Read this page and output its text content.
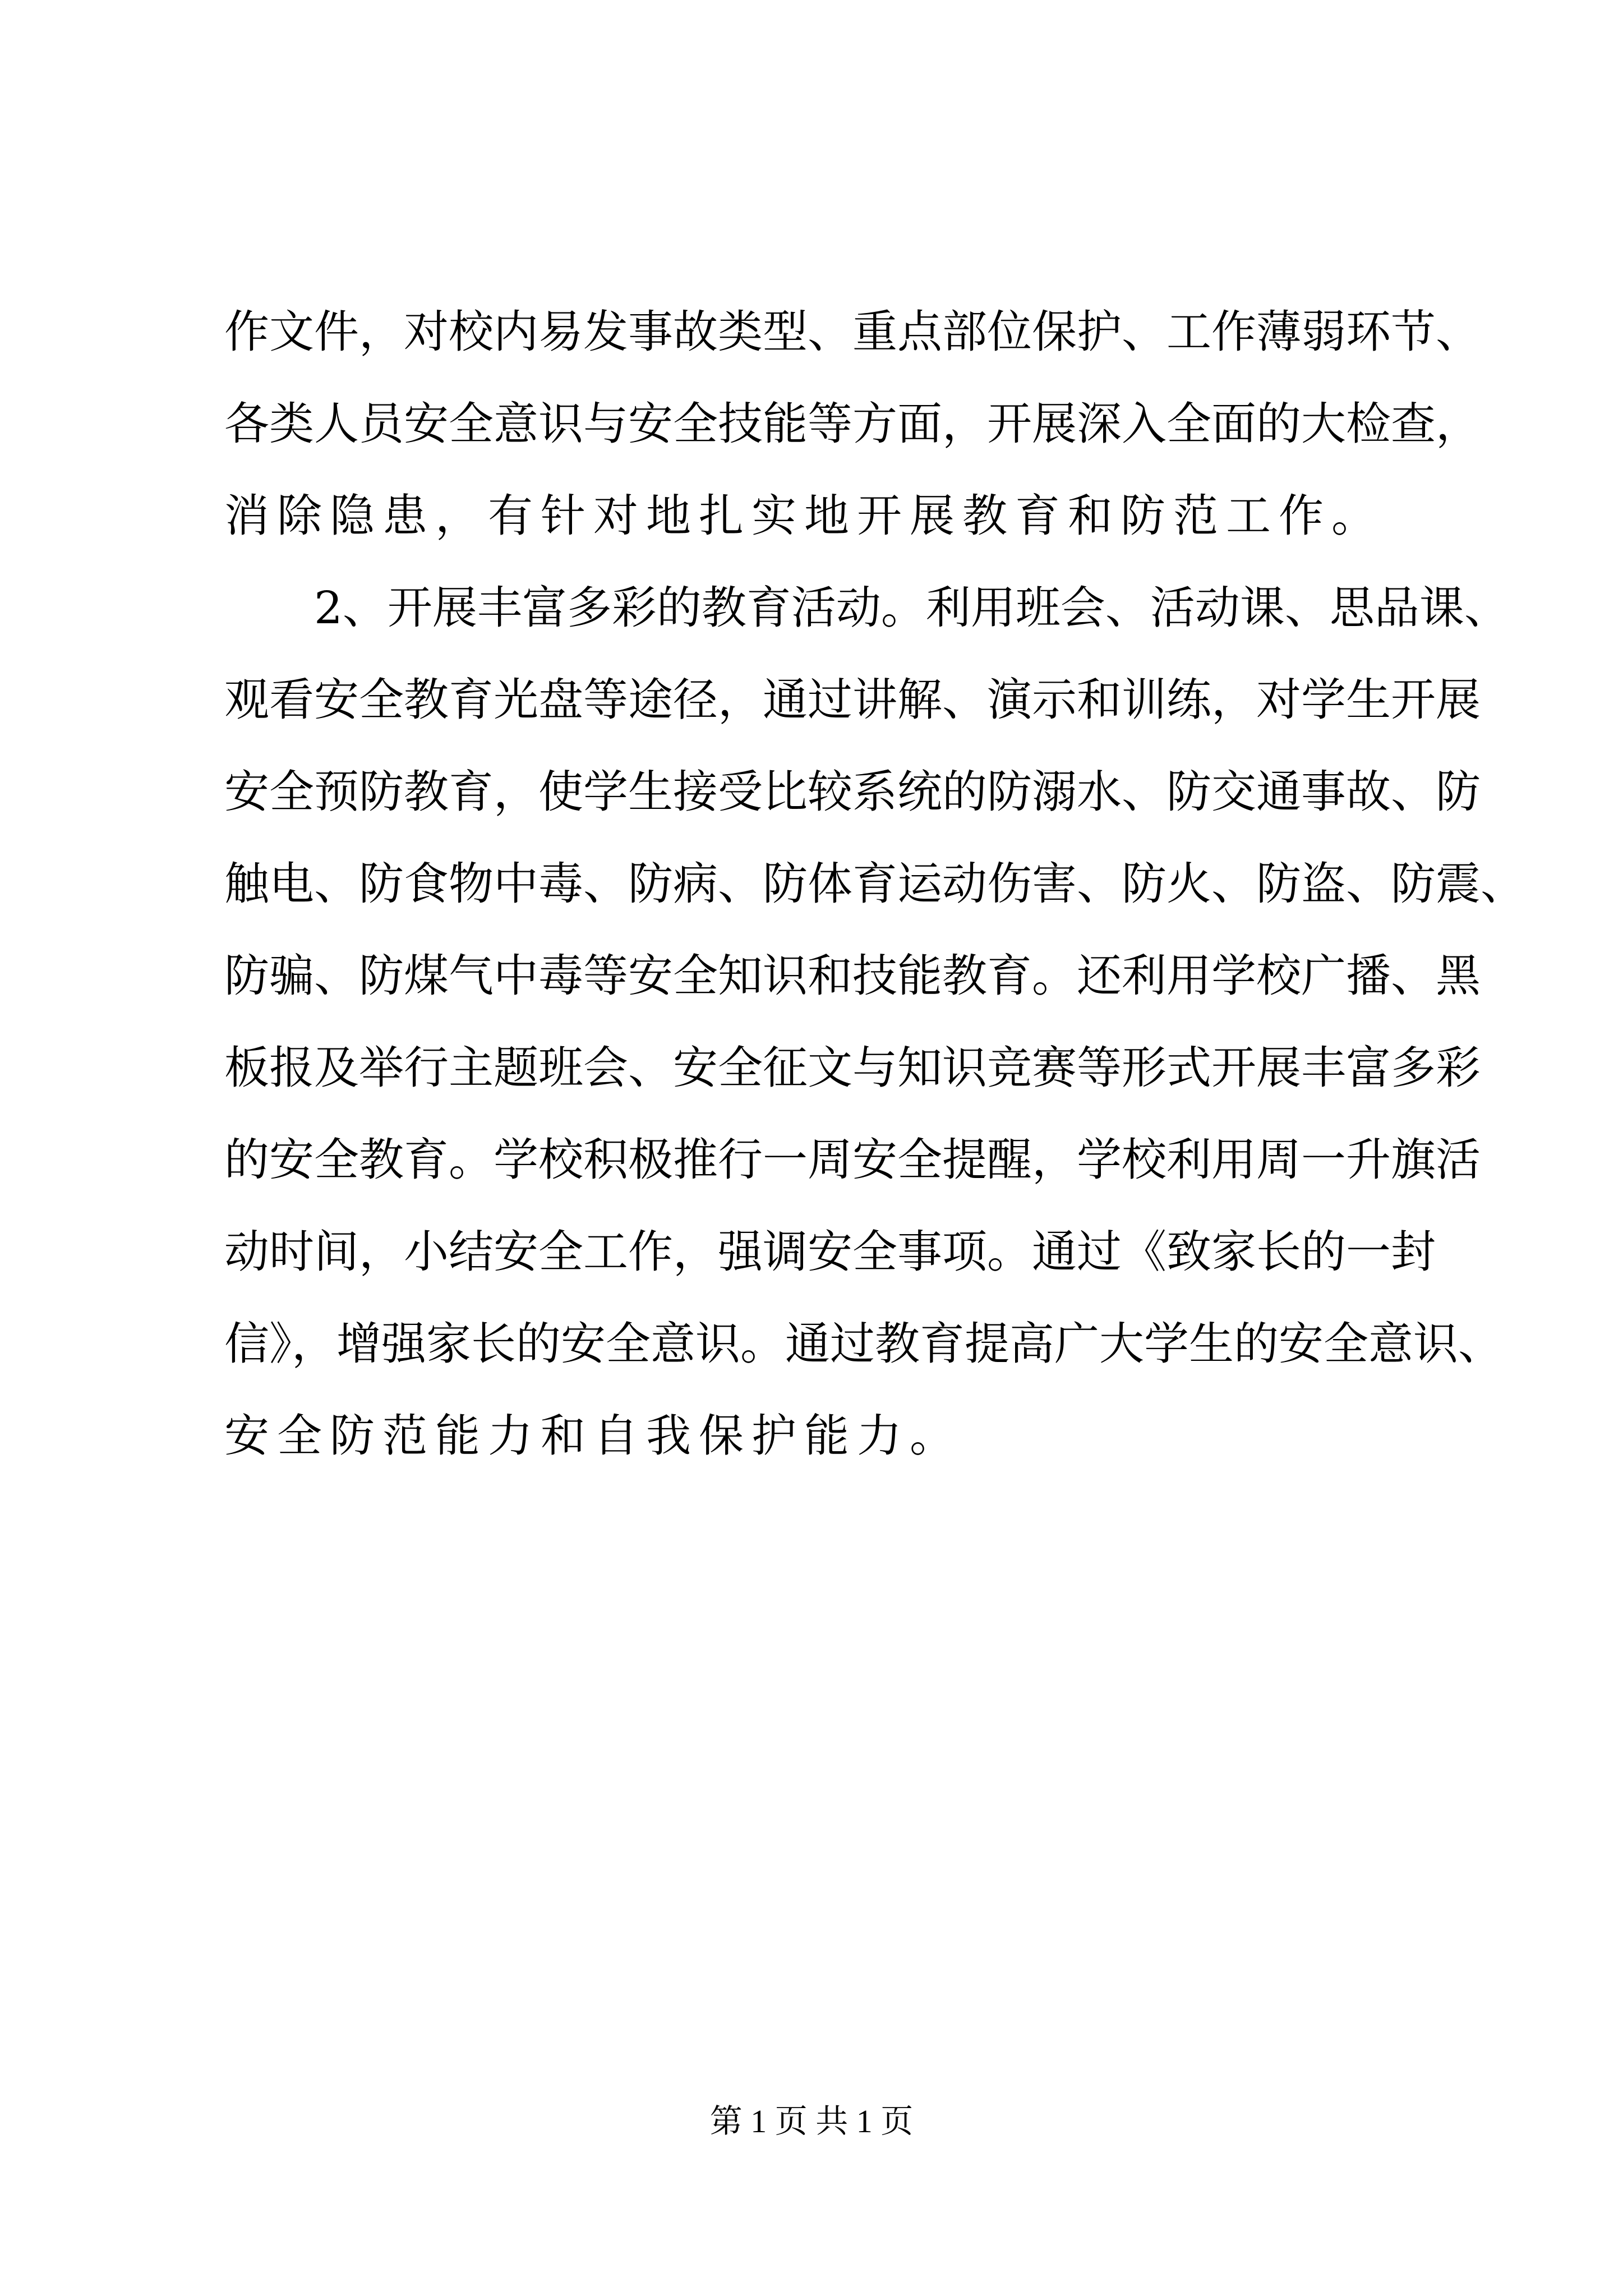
作文件，对校内易发事故类型、重点部位保护、工作薄弱环节、
各类人员安全意识与安全技能等方面，开展深入全面的大检查，
消除隐患，有针对地扎实地开展教育和防范工作。
2、开展丰富多彩的教育活动。利用班会、活动课、思品课、
观看安全教育光盘等途径，通过讲解、演示和训练，对学生开展
安全预防教育，使学生接受比较系统的防溺水、防交通事故、防
触电、防食物中毒、防病、防体育运动伤害、防火、防盗、防震、
防骗、防煤气中毒等安全知识和技能教育。还利用学校广播、黑
板报及举行主题班会、安全征文与知识竞赛等形式开展丰富多彩
的安全教育。学校积极推行一周安全提醒，学校利用周一升旗活
动时间，小结安全工作，强调安全事项。通过《致家长的一封
信》，增强家长的安全意识。通过教育提高广大学生的安全意识、
安全防范能力和自我保护能力。
第 1 页 共 1 页
